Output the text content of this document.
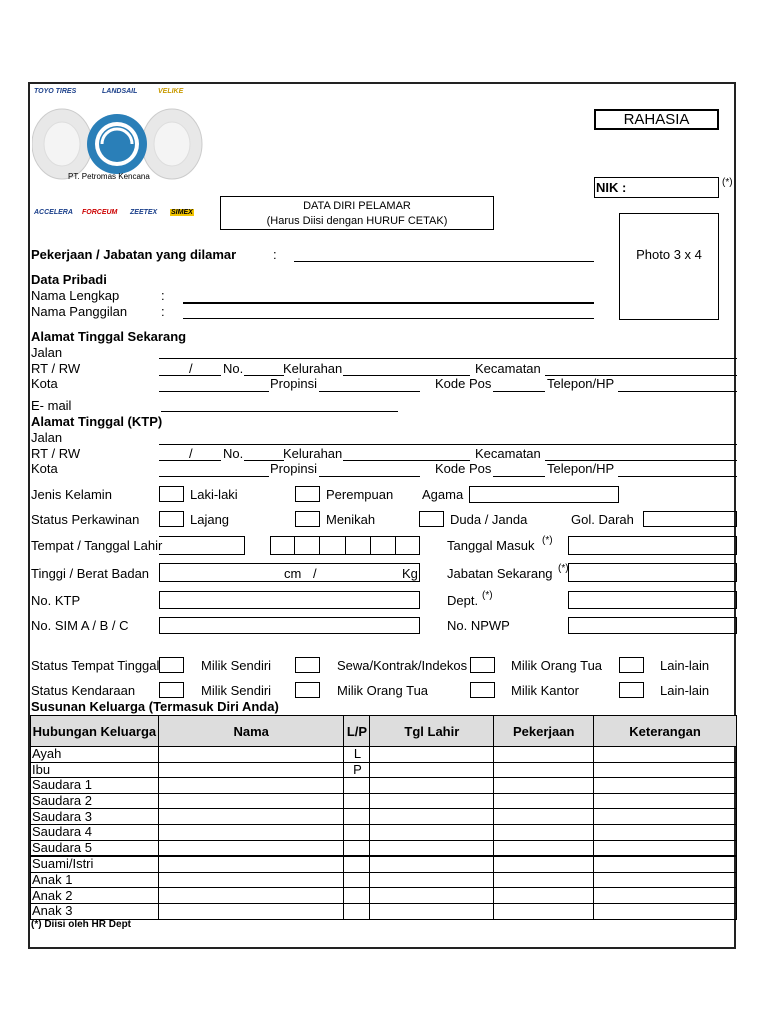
TOYO TIRES	LANDSAIL	VELIKE
PT. Petromas Kencana
ACCELERA FORCEUM ZEETEX SIMEX
RAHASIA
NIK :	(*)
DATA DIRI PELAMAR
(Harus Diisi dengan HURUF CETAK)
Photo 3 x 4
Pekerjaan / Jabatan yang dilamar	:
Data Pribadi
Nama Lengkap	:
Nama Panggilan	:
Alamat Tinggal Sekarang
Jalan
RT / RW	/ No.	Kelurahan	Kecamatan
Kota	Propinsi	Kode Pos	Telepon/HP
E- mail
Alamat Tinggal (KTP)
Jalan
RT / RW	/ No.	Kelurahan	Kecamatan
Kota	Propinsi	Kode Pos	Telepon/HP
Jenis Kelamin	Laki-laki	Perempuan Agama
Status Perkawinan	Lajang	Menikah	Duda / Janda	Gol. Darah
Tempat / Tanggal Lahir	Tanggal Masuk (*)
Tinggi / Berat Badan	cm /	Kg Jabatan Sekarang (*)
No. KTP	Dept. (*)
No. SIM A / B / C	No. NPWP
Status Tempat Tinggal	Milik Sendiri	Sewa/Kontrak/Indekos	Milik Orang Tua	Lain-lain
Status Kendaraan	Milik Sendiri	Milik Orang Tua	Milik Kantor	Lain-lain
Susunan Keluarga (Termasuk Diri Anda)
Hubungan Keluarga	Nama	L/P	Tgl Lahir	Pekerjaan	Keterangan
Ayah		L			
Ibu		P			
Saudara 1					
Saudara 2					
Saudara 3					
Saudara 4					
Saudara 5					
Suami/Istri					
Anak 1					
Anak 2					
Anak 3					
(*) Diisi oleh HR Dept
